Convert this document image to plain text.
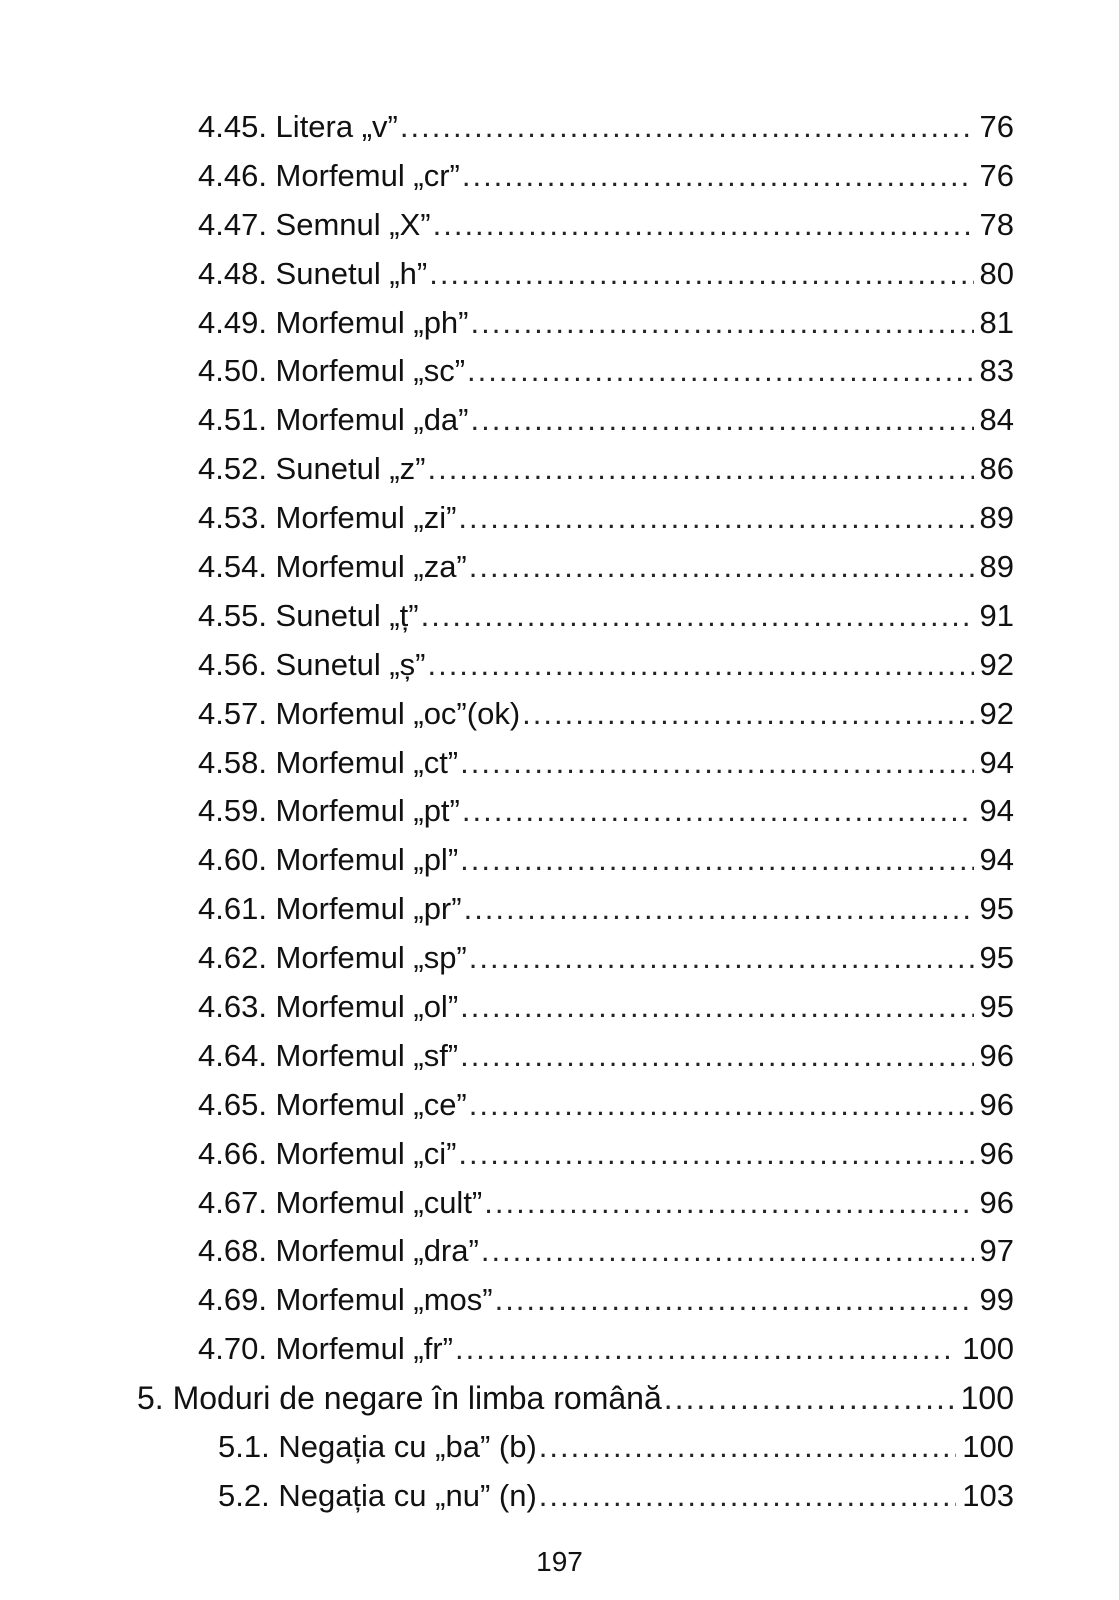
4.45. Litera „v” .....	76
4.46. Morfemul „cr” .....	76
4.47. Semnul „X” .....	78
4.48. Sunetul „h” .....	80
4.49. Morfemul „ph” .....	81
4.50. Morfemul „sc” .....	83
4.51. Morfemul „da” .....	84
4.52. Sunetul „z” .....	86
4.53. Morfemul „zi” .....	89
4.54. Morfemul „za” .....	89
4.55. Sunetul „ț” .....	91
4.56. Sunetul „ș” .....	92
4.57. Morfemul „oc”(ok) .....	92
4.58. Morfemul „ct” .....	94
4.59. Morfemul „pt” .....	94
4.60. Morfemul „pl” .....	94
4.61. Morfemul „pr” .....	95
4.62. Morfemul „sp” .....	95
4.63. Morfemul „ol” .....	95
4.64. Morfemul „sf” .....	96
4.65. Morfemul „ce” .....	96
4.66. Morfemul „ci” .....	96
4.67. Morfemul „cult” .....	96
4.68. Morfemul „dra” .....	97
4.69. Morfemul „mos” .....	99
4.70. Morfemul „fr” .....	100
5. Moduri de negare în limba română .....	100
5.1. Negația cu „ba” (b) .....	100
5.2. Negația cu „nu” (n) .....	103
197
